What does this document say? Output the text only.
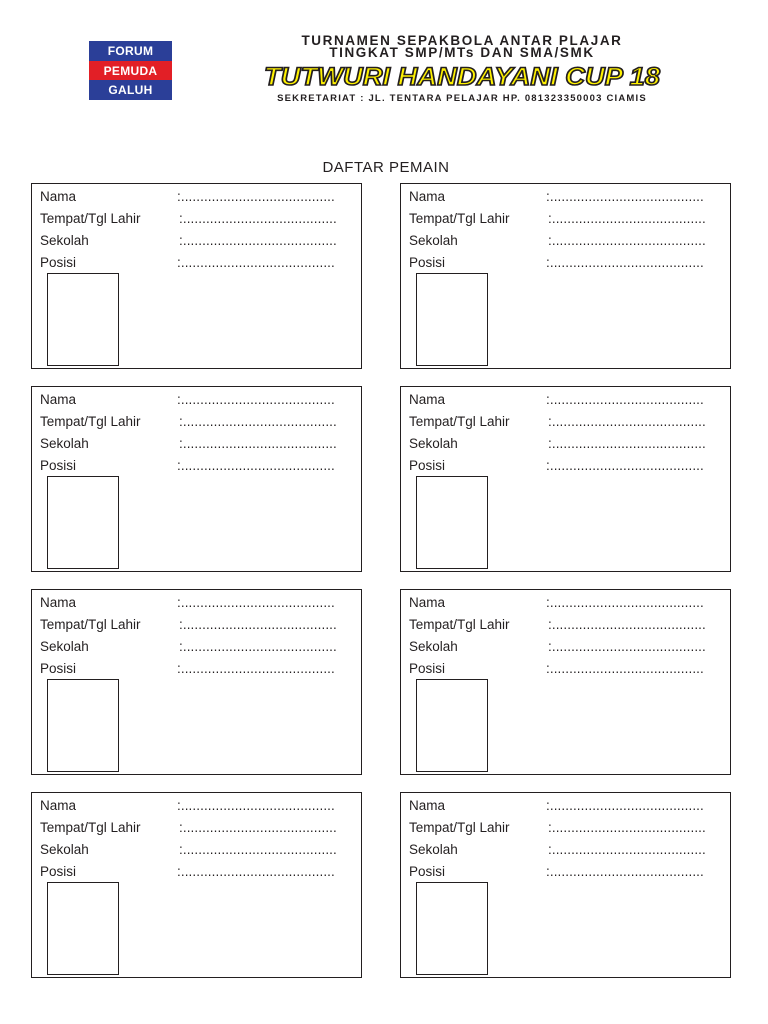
FORUM
PEMUDA
GALUH
TURNAMEN SEPAKBOLA ANTAR PLAJAR
TINGKAT SMP/MTs DAN SMA/SMK
TUTWURI HANDAYANI CUP 18
SEKRETARIAT : JL. TENTARA PELAJAR HP. 081323350003 CIAMIS
DAFTAR PEMAIN
Nama	:........................................
Tempat/Tgl Lahir	:........................................
Sekolah	:........................................
Posisi	:........................................
Nama	:........................................
Tempat/Tgl Lahir	:........................................
Sekolah	:........................................
Posisi	:........................................
Nama	:........................................
Tempat/Tgl Lahir	:........................................
Sekolah	:........................................
Posisi	:........................................
Nama	:........................................
Tempat/Tgl Lahir	:........................................
Sekolah	:........................................
Posisi	:........................................
Nama	:........................................
Tempat/Tgl Lahir	:........................................
Sekolah	:........................................
Posisi	:........................................
Nama	:........................................
Tempat/Tgl Lahir	:........................................
Sekolah	:........................................
Posisi	:........................................
Nama	:........................................
Tempat/Tgl Lahir	:........................................
Sekolah	:........................................
Posisi	:........................................
Nama	:........................................
Tempat/Tgl Lahir	:........................................
Sekolah	:........................................
Posisi	:........................................
